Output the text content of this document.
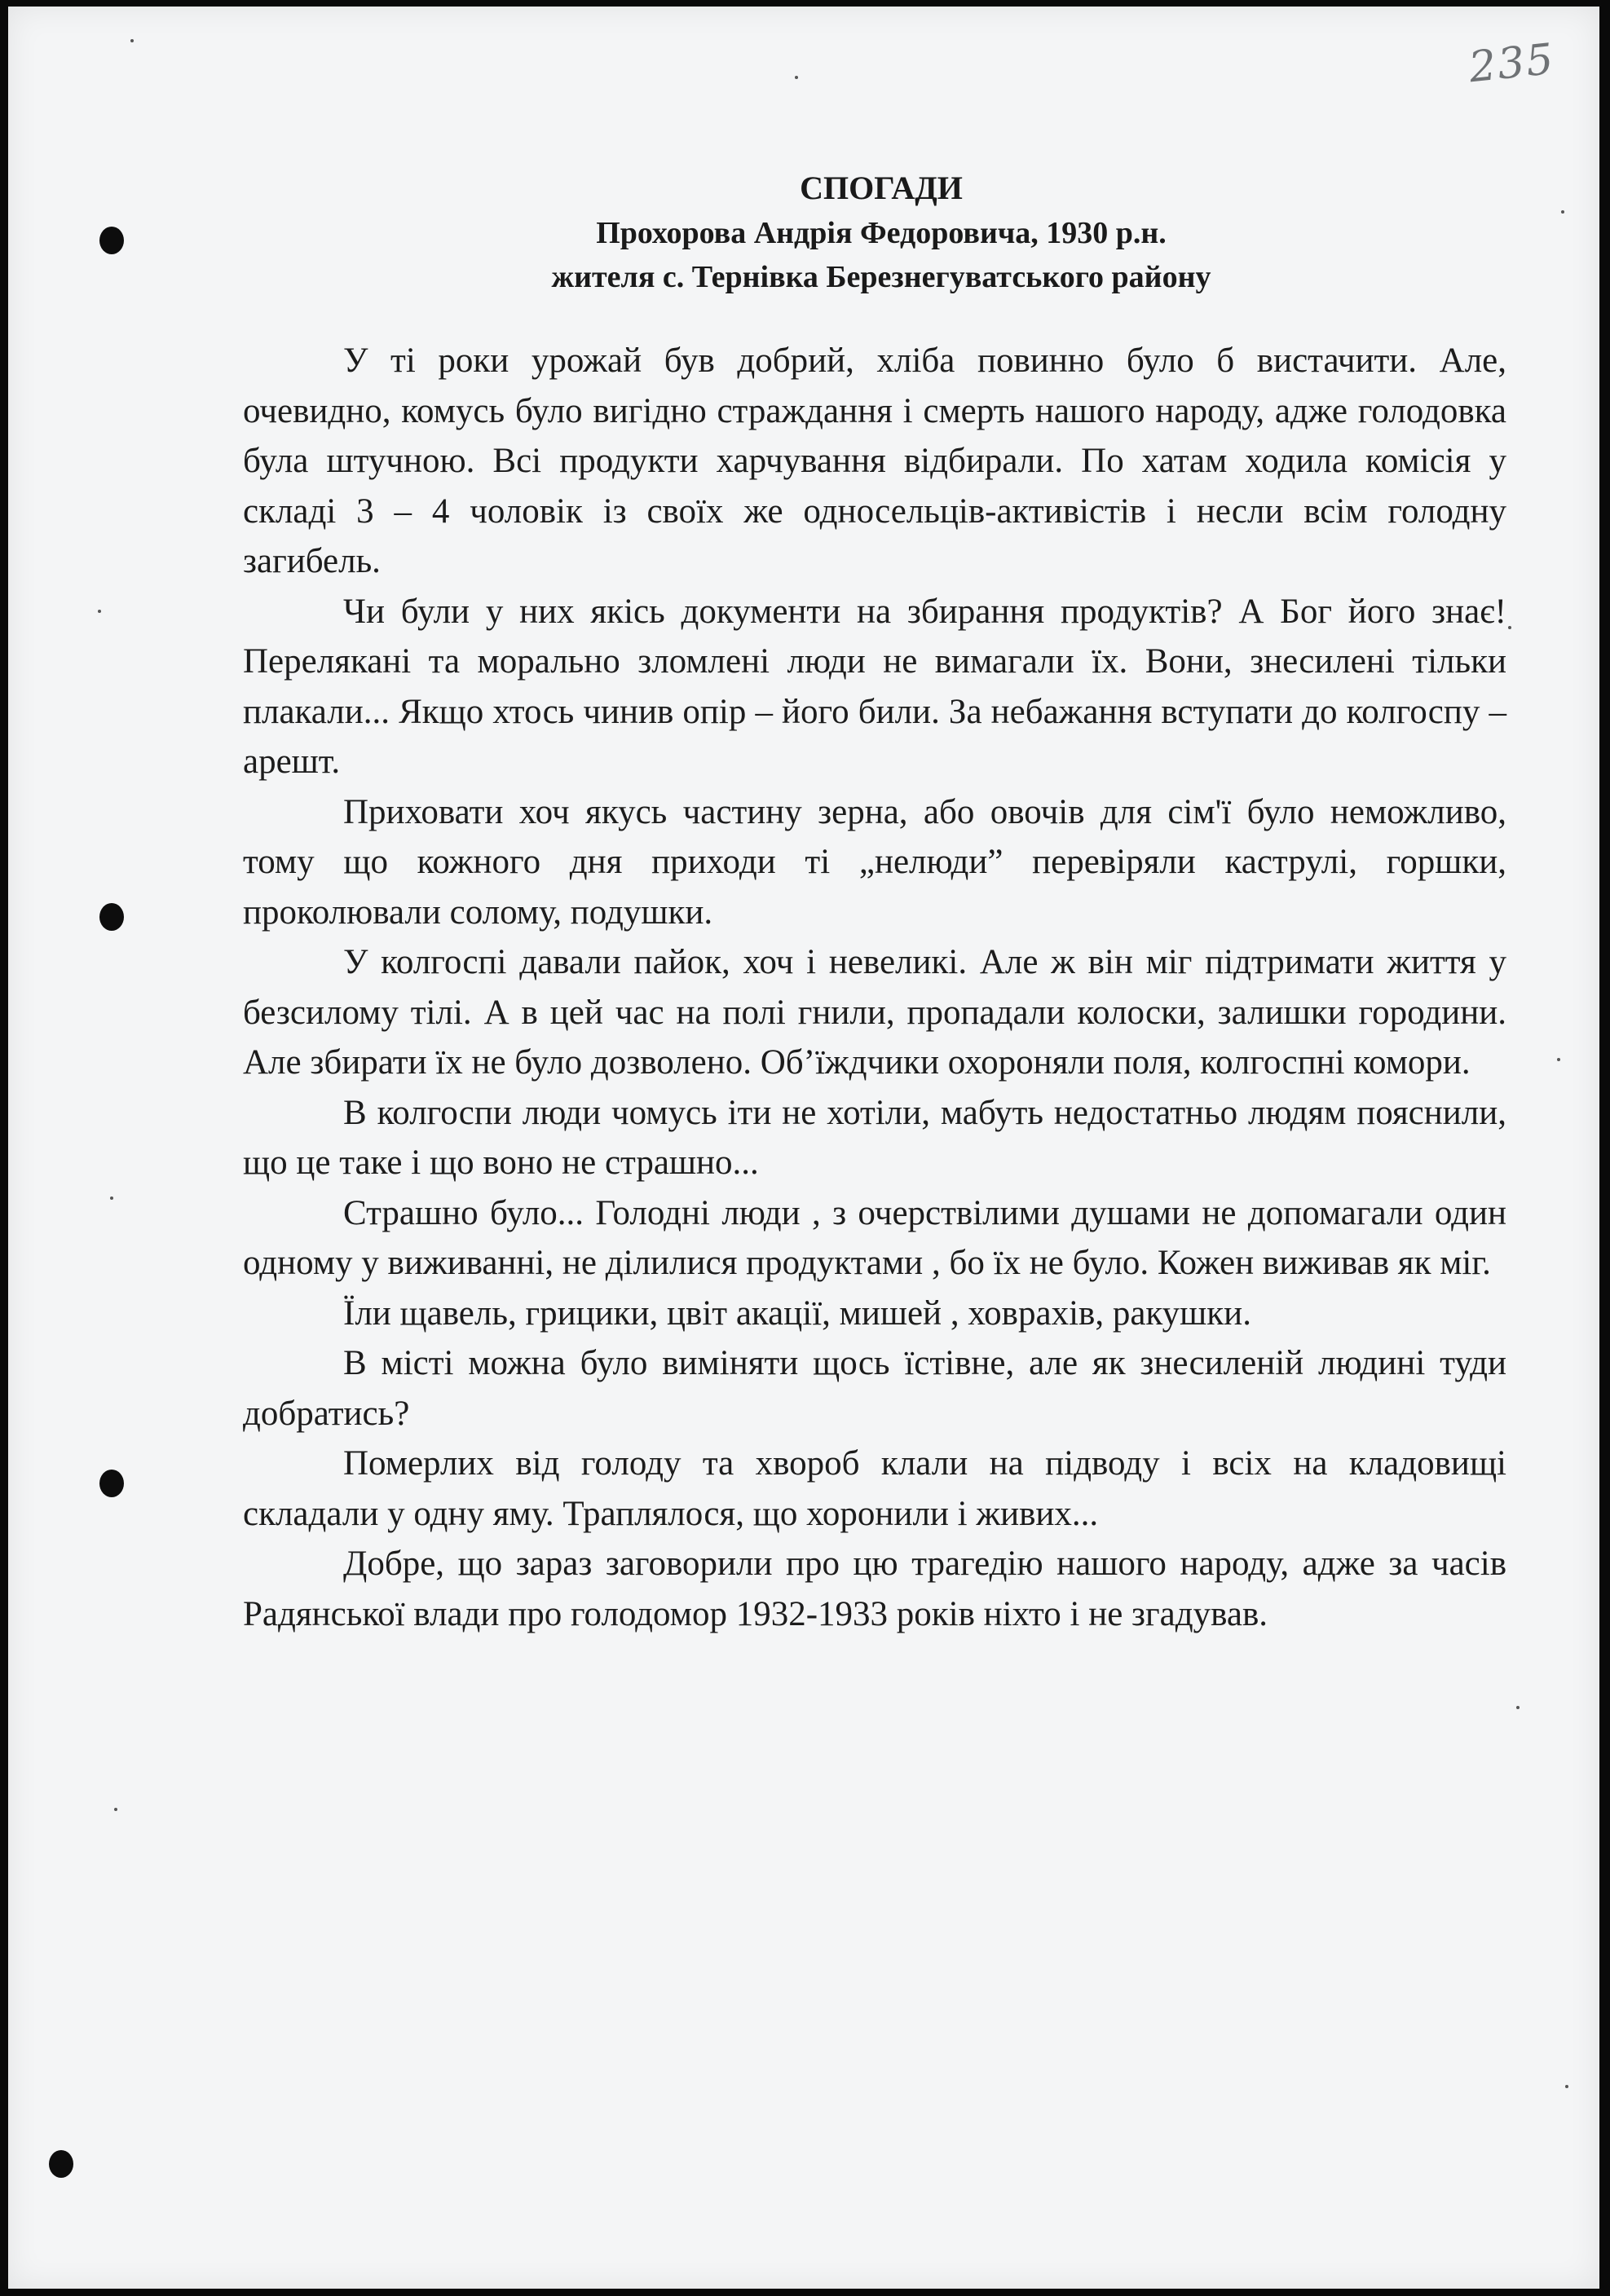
235
СПОГАДИ
Прохорова Андрія Федоровича, 1930 р.н.
жителя с. Тернівка Березнегуватського району

У ті роки урожай був добрий, хліба повинно було б вистачити. Але, очевидно, комусь було вигідно страждання і смерть нашого народу, адже голодовка була штучною. Всі продукти харчування відбирали. По хатам ходила комісія у складі 3 – 4 чоловік із своїх же односельців-активістів і несли всім голодну загибель.

Чи були у них якісь документи на збирання продуктів? А Бог його знає! Перелякані та морально зломлені люди не вимагали їх. Вони, знесилені тільки плакали... Якщо хтось чинив опір – його били. За небажання вступати до колгоспу – арешт.

Приховати хоч якусь частину зерна, або овочів для сім'ї було неможливо, тому що кожного дня приходи ті „нелюди” перевіряли каструлі, горшки, проколювали солому, подушки.

У колгоспі давали пайок, хоч і невеликі. Але ж він міг підтримати життя у безсилому тілі. А в цей час на полі гнили, пропадали колоски, залишки городини. Але збирати їх не було дозволено. Об’їждчики охороняли поля, колгоспні комори.

В колгоспи люди чомусь іти не хотіли, мабуть недостатньо людям пояснили, що це таке і що воно не страшно...

Страшно було... Голодні люди , з очерствілими душами не допомагали один одному у виживанні, не ділилися продуктами , бо їх не було. Кожен виживав як міг.

Їли щавель, грицики, цвіт акації, мишей , ховрахів, ракушки.

В місті можна було виміняти щось їстівне, але як знесиленій людині туди добратись?

Померлих від голоду та хвороб клали на підводу і всіх на кладовищі складали у одну яму. Траплялося, що хоронили і живих...

Добре, що зараз заговорили про цю трагедію нашого народу, адже за часів Радянської влади про голодомор 1932-1933 років ніхто і не згадував.
